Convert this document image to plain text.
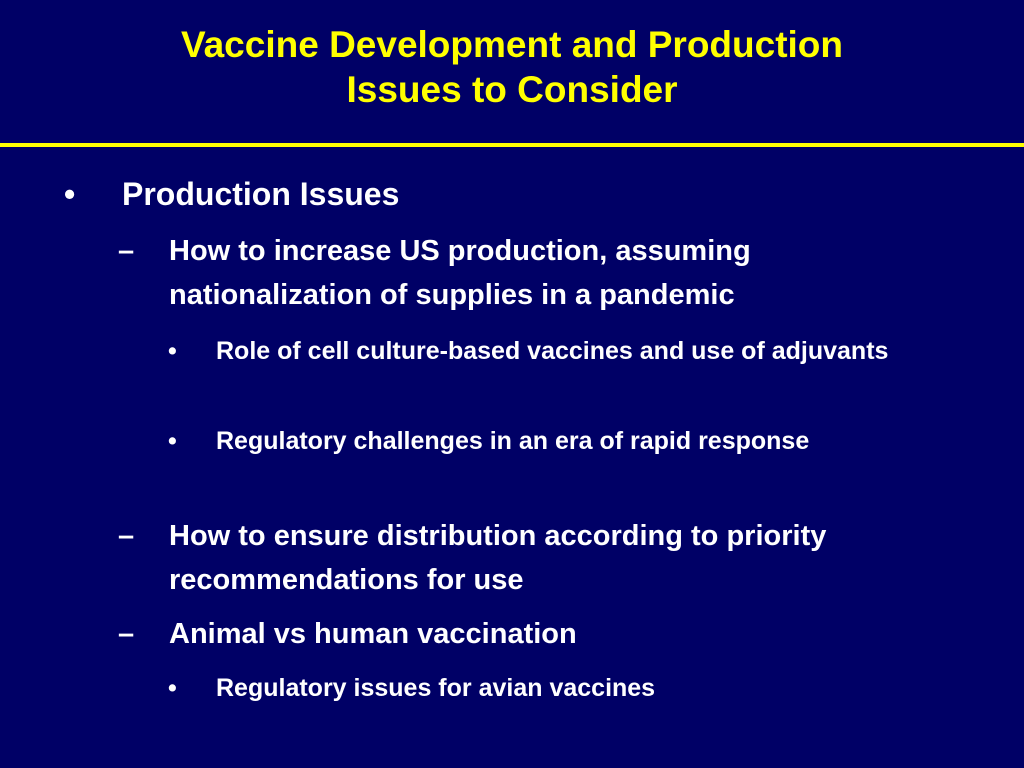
Vaccine Development and Production
Issues to Consider
• Production Issues
– How to increase US production, assuming nationalization of supplies in a pandemic
• Role of cell culture-based vaccines and use of adjuvants
• Regulatory challenges in an era of rapid response
– How to ensure distribution according to priority recommendations for use
– Animal vs human vaccination
• Regulatory issues for avian vaccines
